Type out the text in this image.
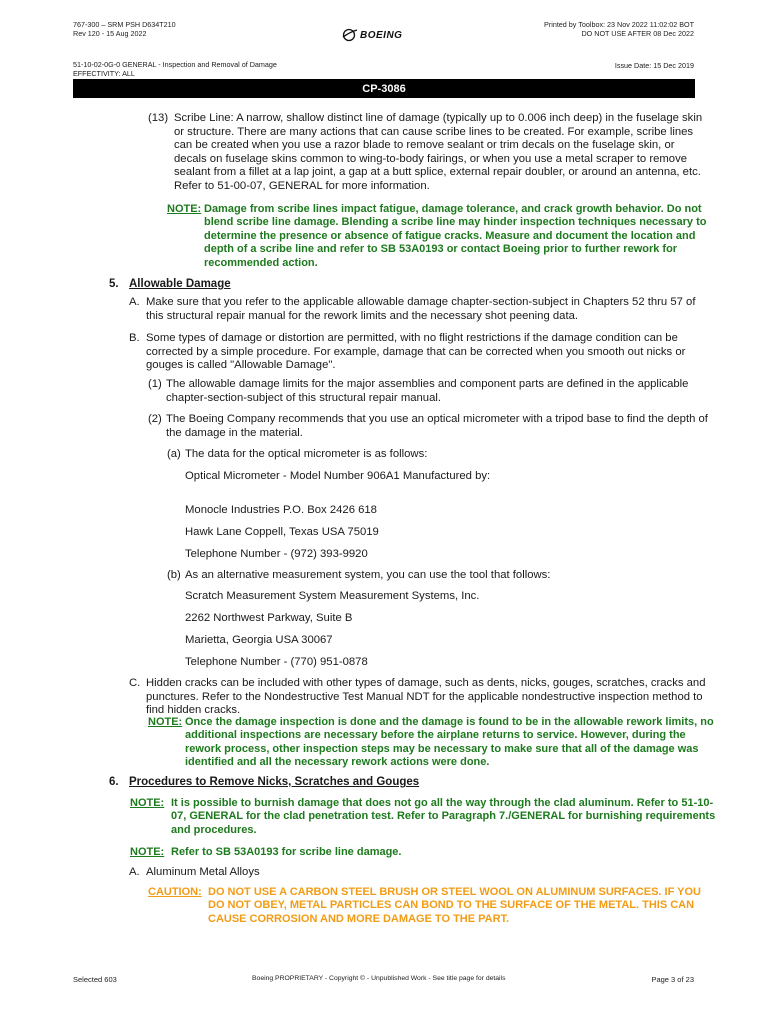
767-300 – SRM PSH D634T210
Rev 120 - 15 Aug 2022	BOEING
Printed by Toolbox: 23 Nov 2022 11:02:02 BOT
DO NOT USE AFTER 08 Dec 2022
51-10-02-0G-0 GENERAL - Inspection and Removal of Damage
EFFECTIVITY: ALL
Issue Date: 15 Dec 2019
CP-3086
(13) Scribe Line: A narrow, shallow distinct line of damage (typically up to 0.006 inch deep) in the fuselage skin or structure. There are many actions that can cause scribe lines to be created. For example, scribe lines can be created when you use a razor blade to remove sealant or trim decals on the fuselage skin, or decals on fuselage skins common to wing-to-body fairings, or when you use a metal scraper to remove sealant from a fillet at a lap joint, a gap at a butt splice, external repair doubler, or around an antenna, etc. Refer to 51-00-07, GENERAL for more information.
NOTE: Damage from scribe lines impact fatigue, damage tolerance, and crack growth behavior. Do not blend scribe line damage. Blending a scribe line may hinder inspection techniques necessary to determine the presence or absence of fatigue cracks. Measure and document the location and depth of a scribe line and refer to SB 53A0193 or contact Boeing prior to further rework for recommended action.
5. Allowable Damage
A. Make sure that you refer to the applicable allowable damage chapter-section-subject in Chapters 52 thru 57 of this structural repair manual for the rework limits and the necessary shot peening data.
B. Some types of damage or distortion are permitted, with no flight restrictions if the damage condition can be corrected by a simple procedure. For example, damage that can be corrected when you smooth out nicks or gouges is called "Allowable Damage".
(1) The allowable damage limits for the major assemblies and component parts are defined in the applicable chapter-section-subject of this structural repair manual.
(2) The Boeing Company recommends that you use an optical micrometer with a tripod base to find the depth of the damage in the material.
(a) The data for the optical micrometer is as follows:
Optical Micrometer - Model Number 906A1 Manufactured by:
Monocle Industries P.O. Box 2426 618
Hawk Lane Coppell, Texas USA 75019
Telephone Number - (972) 393-9920
(b) As an alternative measurement system, you can use the tool that follows:
Scratch Measurement System Measurement Systems, Inc.
2262 Northwest Parkway, Suite B
Marietta, Georgia USA 30067
Telephone Number - (770) 951-0878
C. Hidden cracks can be included with other types of damage, such as dents, nicks, gouges, scratches, cracks and punctures. Refer to the Nondestructive Test Manual NDT for the applicable nondestructive inspection method to find hidden cracks.
NOTE: Once the damage inspection is done and the damage is found to be in the allowable rework limits, no additional inspections are necessary before the airplane returns to service. However, during the rework process, other inspection steps may be necessary to make sure that all of the damage was identified and all the necessary rework actions were done.
6. Procedures to Remove Nicks, Scratches and Gouges
NOTE: It is possible to burnish damage that does not go all the way through the clad aluminum. Refer to 51-10-07, GENERAL for the clad penetration test. Refer to Paragraph 7./GENERAL for burnishing requirements and procedures.
NOTE: Refer to SB 53A0193 for scribe line damage.
A. Aluminum Metal Alloys
CAUTION: DO NOT USE A CARBON STEEL BRUSH OR STEEL WOOL ON ALUMINUM SURFACES. IF YOU DO NOT OBEY, METAL PARTICLES CAN BOND TO THE SURFACE OF THE METAL. THIS CAN CAUSE CORROSION AND MORE DAMAGE TO THE PART.
Selected 603	Boeing PROPRIETARY - Copyright © - Unpublished Work - See title page for details	Page 3 of 23
